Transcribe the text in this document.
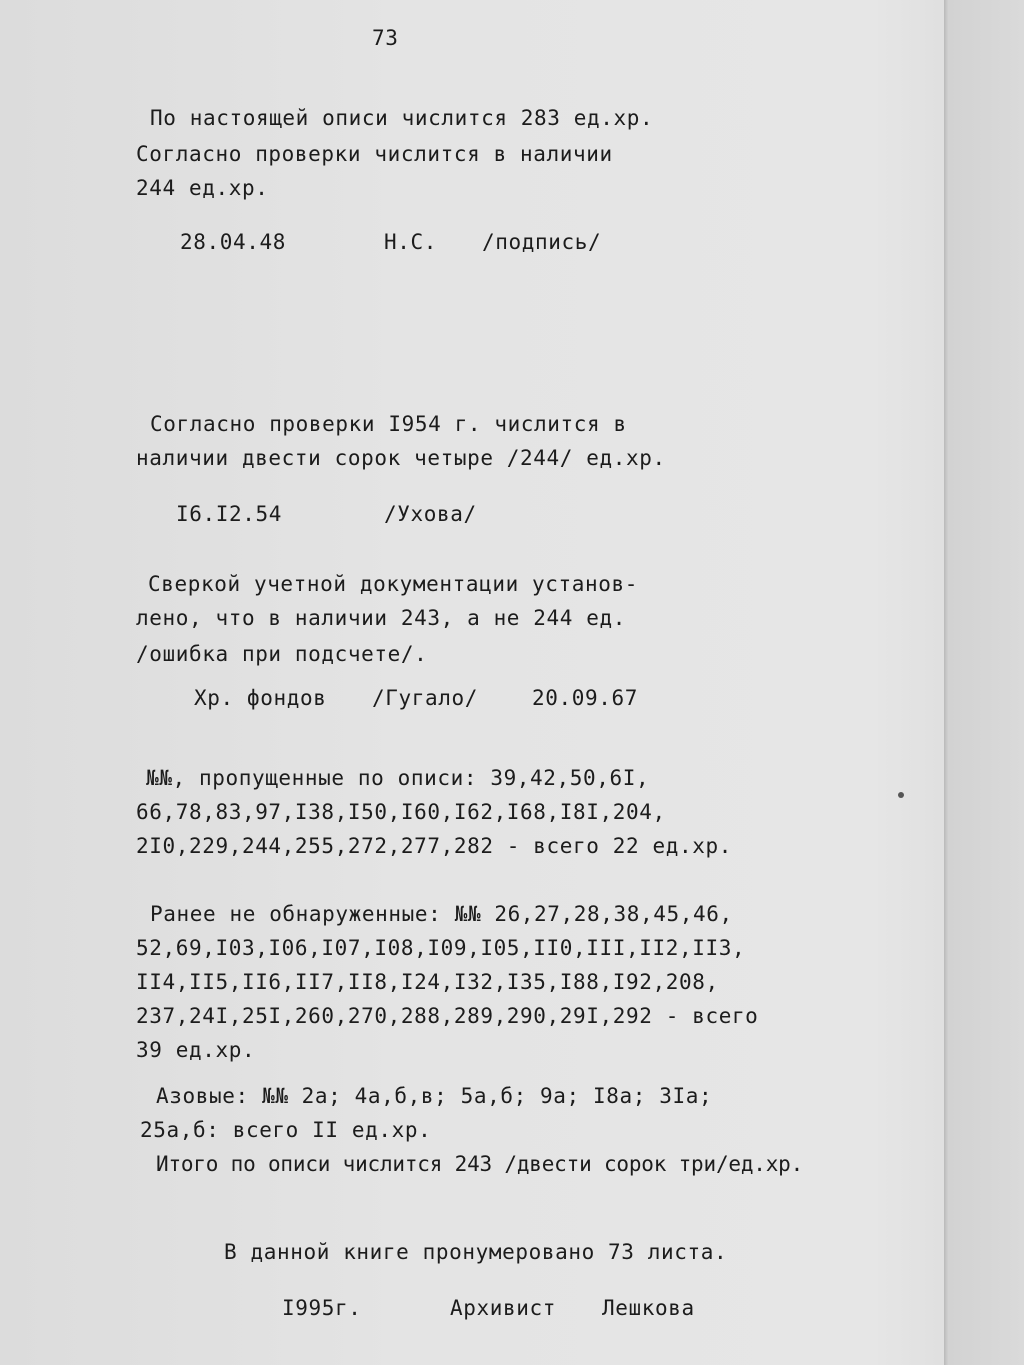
73
По настоящей описи числится 283 ед.хр.
Согласно проверки числится в наличии
244 ед.хр.
28.04.48	Н.С. /подпись/
Согласно проверки I954 г. числится в
наличии двести сорок четыре /244/ ед.хр.
I6.I2.54	/Ухова/
Сверкой учетной документации установ-
лено, что в наличии 243, а не 244 ед.
/ошибка при подсчете/.
Хр. фондов /Гугало/	20.09.67
№№, пропущенные по описи: 39,42,50,6I,
66,78,83,97,I38,I50,I60,I62,I68,I8I,204,
2I0,229,244,255,272,277,282 - всего 22 ед.хр.
Ранее не обнаруженные: №№ 26,27,28,38,45,46,
52,69,I03,I06,I07,I08,I09,I05,II0,III,II2,II3,
II4,II5,II6,II7,II8,I24,I32,I35,I88,I92,208,
237,24I,25I,260,270,288,289,290,29I,292 - всего
39 ед.хр.
Азовые: №№ 2а; 4а,б,в; 5а,б; 9а; I8а; 3Iа;
25а,б: всего II ед.хр.
Итого по описи числится 243 /двести сорок три/ед.хр.
В данной книге пронумеровано 73 листа.
I995г.	Архивист Лешкова
